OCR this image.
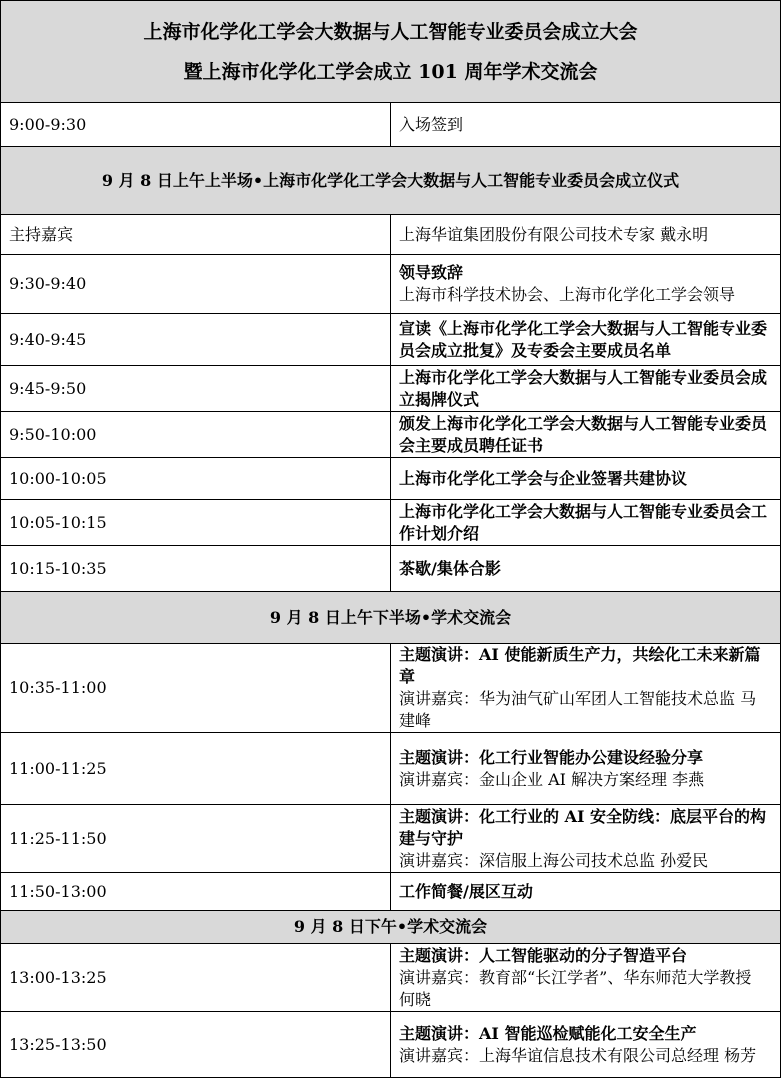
上海市化学化工学会大数据与人工智能专业委员会成立大会
暨上海市化学化工学会成立 101 周年学术交流会	

9:00-9:30	入场签到
9 月 8 日上午上半场•上海市化学化工学会大数据与人工智能专业委员会成立仪式	
主持嘉宾	上海华谊集团股份有限公司技术专家 戴永明
9:30-9:40	领导致辞
上海市科学技术协会、上海市化学化工学会领导

9:40-9:45	宣读《上海市化学化工学会大数据与人工智能专业委员会成立批复》及专委会主要成员名单
9:45-9:50	上海市化学化工学会大数据与人工智能专业委员会成立揭牌仪式
9:50-10:00	颁发上海市化学化工学会大数据与人工智能专业委员会主要成员聘任证书
10:00-10:05	上海市化学化工学会与企业签署共建协议
10:05-10:15	上海市化学化工学会大数据与人工智能专业委员会工作计划介绍
10:15-10:35	茶歇/集体合影
9 月 8 日上午下半场•学术交流会	
10:35-11:00	主题演讲：AI 使能新质生产力，共绘化工未来新篇章
演讲嘉宾：华为油气矿山军团人工智能技术总监 马建峰

11:00-11:25	主题演讲：化工行业智能办公建设经验分享
演讲嘉宾：金山企业 AI 解决方案经理 李燕

11:25-11:50	主题演讲：化工行业的 AI 安全防线：底层平台的构建与守护
演讲嘉宾：深信服上海公司技术总监 孙爱民

11:50-13:00	工作简餐/展区互动
9 月 8 日下午•学术交流会	
13:00-13:25	主题演讲：人工智能驱动的分子智造平台
演讲嘉宾：教育部“长江学者”、华东师范大学教授 何晓

13:25-13:50	主题演讲：AI 智能巡检赋能化工安全生产
演讲嘉宾：上海华谊信息技术有限公司总经理 杨芳
